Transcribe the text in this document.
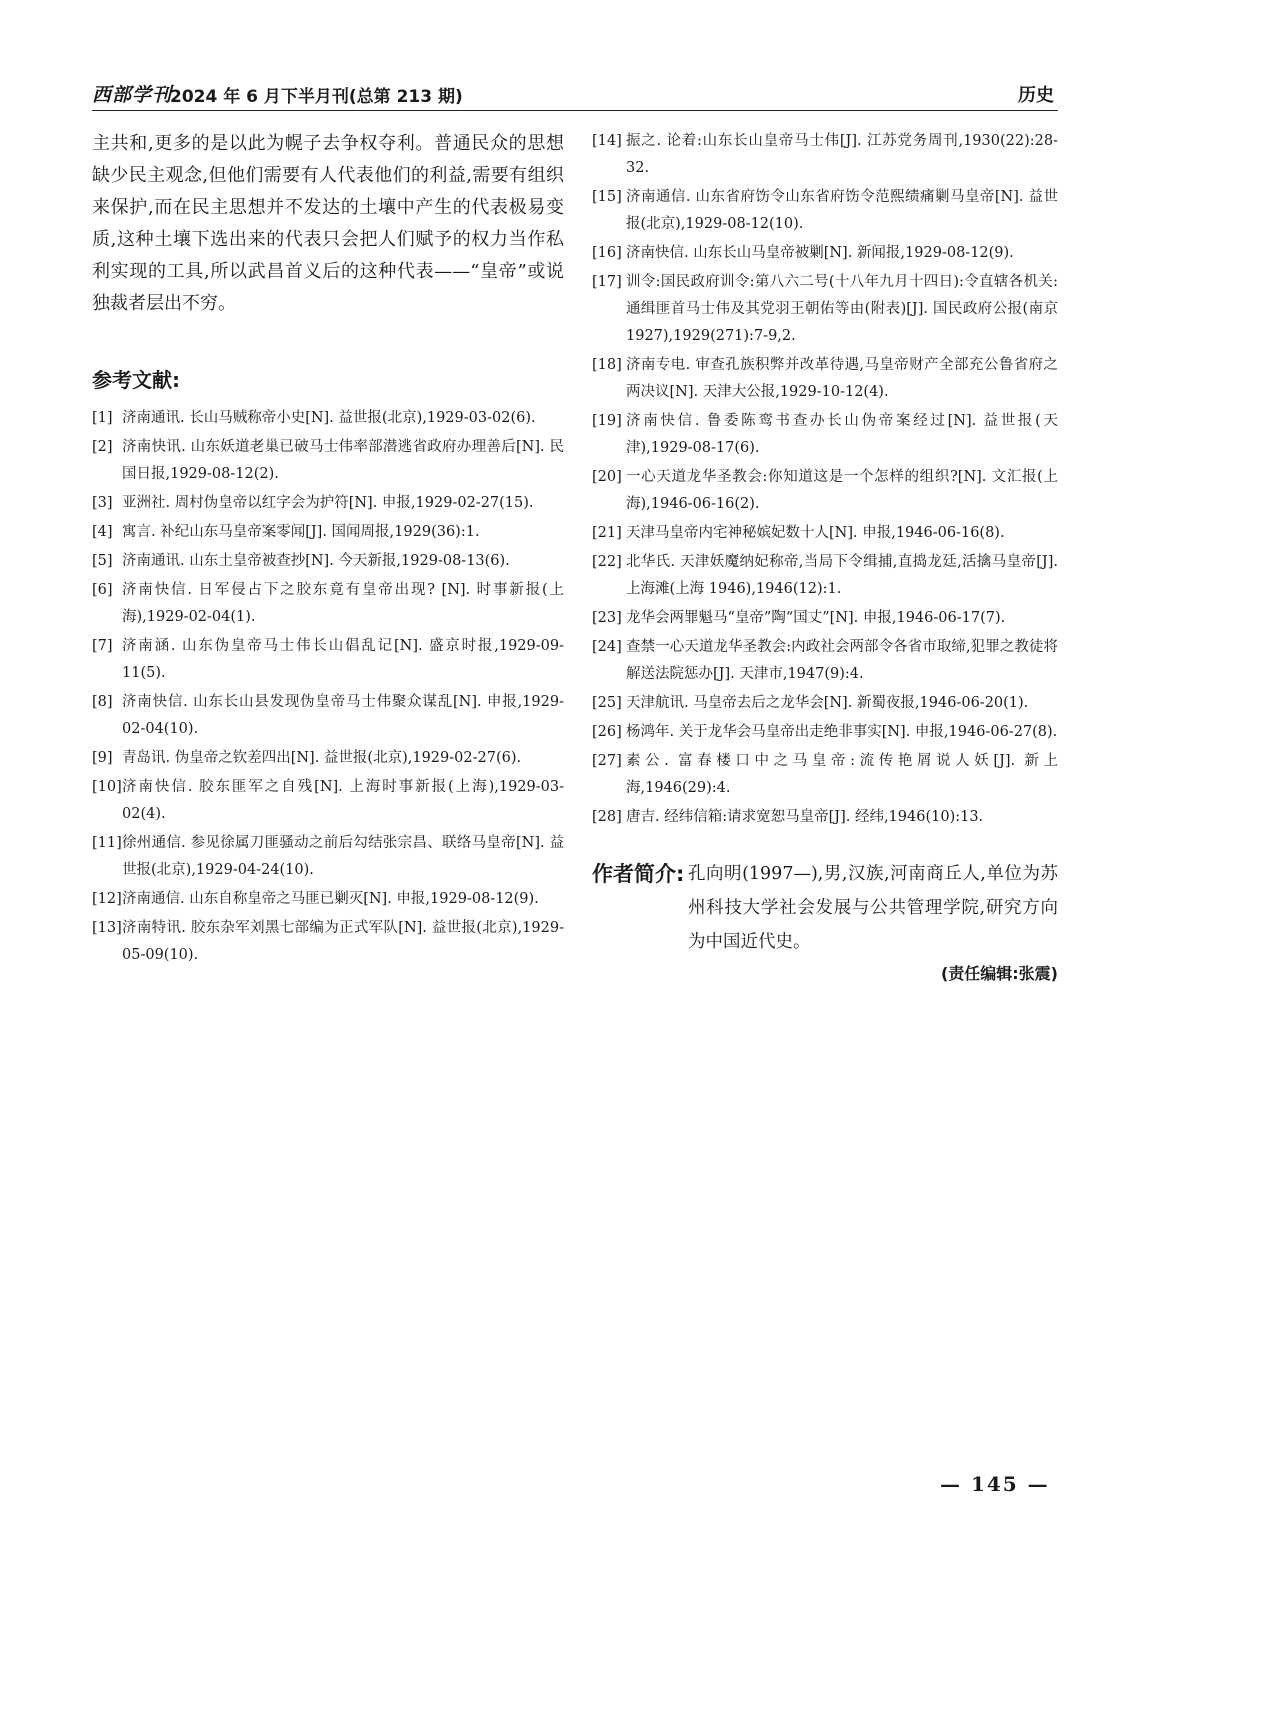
西部学刊
2024 年 6 月下半月刊(总第 213 期)	历史

主共和,更多的是以此为幌子去争权夺利。普通民众的思想缺少民主观念,但他们需要有人代表他们的利益,需要有组织来保护,而在民主思想并不发达的土壤中产生的代表极易变质,这种土壤下选出来的代表只会把人们赋予的权力当作私利实现的工具,所以武昌首义后的这种代表——“皇帝”或说独裁者层出不穷。

参考文献:
[1] 济南通讯. 长山马贼称帝小史[N]. 益世报(北京),1929-03-02(6).
[2] 济南快讯. 山东妖道老巢已破马士伟率部潜逃省政府办理善后[N]. 民国日报,1929-08-12(2).
[3] 亚洲社. 周村伪皇帝以红字会为护符[N]. 申报,1929-02-27(15).
[4] 寓言. 补纪山东马皇帝案零闻[J]. 国闻周报,1929(36):1.
[5] 济南通讯. 山东土皇帝被查抄[N]. 今天新报,1929-08-13(6).
[6] 济南快信. 日军侵占下之胶东竟有皇帝出现? [N]. 时事新报(上海),1929-02-04(1).
[7] 济南涵. 山东伪皇帝马士伟长山倡乱记[N]. 盛京时报,1929-09-11(5).
[8] 济南快信. 山东长山县发现伪皇帝马士伟聚众谋乱[N]. 申报,1929-02-04(10).
[9] 青岛讯. 伪皇帝之钦差四出[N]. 益世报(北京),1929-02-27(6).
[10] 济南快信. 胶东匪军之自残[N]. 上海时事新报(上海),1929-03-02(4).
[11] 徐州通信. 参见徐属刀匪骚动之前后勾结张宗昌、联络马皇帝[N]. 益世报(北京),1929-04-24(10).
[12] 济南通信. 山东自称皇帝之马匪已剿灭[N]. 申报,1929-08-12(9).
[13] 济南特讯. 胶东杂军刘黑七部编为正式军队[N]. 益世报(北京),1929-05-09(10).
[14] 振之. 论着:山东长山皇帝马士伟[J]. 江苏党务周刊,1930(22):28-32.
[15] 济南通信. 山东省府饬令山东省府饬令范熙绩痛剿马皇帝[N]. 益世报(北京),1929-08-12(10).
[16] 济南快信. 山东长山马皇帝被剿[N]. 新闻报,1929-08-12(9).
[17] 训令:国民政府训令:第八六二号(十八年九月十四日):令直辖各机关:通缉匪首马士伟及其党羽王朝佑等由(附表)[J]. 国民政府公报(南京 1927),1929(271):7-9,2.
[18] 济南专电. 审查孔族积弊并改革待遇,马皇帝财产全部充公鲁省府之两决议[N]. 天津大公报,1929-10-12(4).
[19] 济南快信. 鲁委陈鸾书查办长山伪帝案经过[N]. 益世报(天津),1929-08-17(6).
[20] 一心天道龙华圣教会:你知道这是一个怎样的组织?[N]. 文汇报(上海),1946-06-16(2).
[21] 天津马皇帝内宅神秘嫔妃数十人[N]. 申报,1946-06-16(8).
[22] 北华氏. 天津妖魔纳妃称帝,当局下令缉捕,直捣龙廷,活擒马皇帝[J]. 上海滩(上海 1946),1946(12):1.
[23] 龙华会两罪魁马“皇帝”陶“国丈”[N]. 申报,1946-06-17(7).
[24] 查禁一心天道龙华圣教会:内政社会两部令各省市取缔,犯罪之教徒将解送法院惩办[J]. 天津市,1947(9):4.
[25] 天津航讯. 马皇帝去后之龙华会[N]. 新蜀夜报,1946-06-20(1).
[26] 杨鸿年. 关于龙华会马皇帝出走绝非事实[N]. 申报,1946-06-27(8).
[27] 素公. 富春楼口中之马皇帝:流传艳屑说人妖[J]. 新上海,1946(29):4.
[28] 唐吉. 经纬信箱:请求宽恕马皇帝[J]. 经纬,1946(10):13.
作者简介: 孔向明(1997—),男,汉族,河南商丘人,单位为苏州科技大学社会发展与公共管理学院,研究方向为中国近代史。

(责任编辑:张震)
— 145 —
